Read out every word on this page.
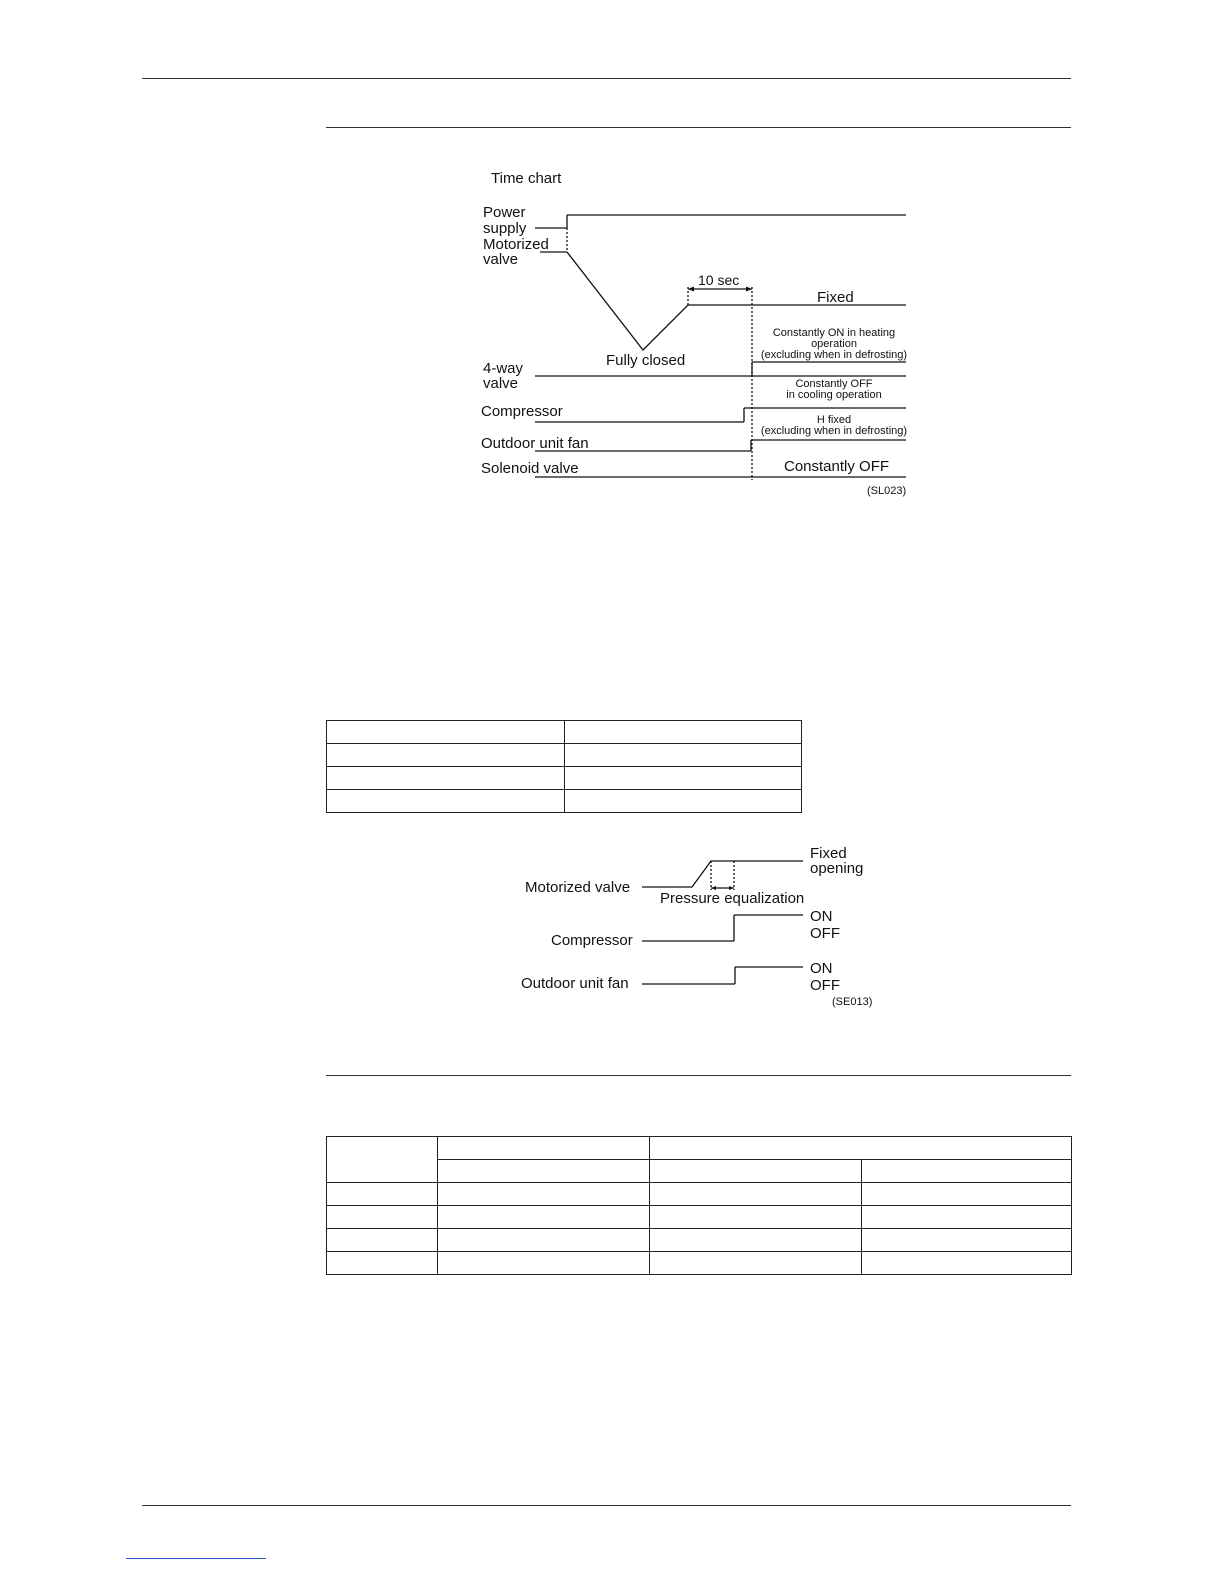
Time chart
Power
supply
Motorized
valve
10 sec
Fixed
Constantly ON in heating
operation
(excluding when in defrosting)
Fully closed
4-way
valve	Constantly OFF
in cooling operation
Compressor	H fixed
(excluding when in defrosting)
Outdoor unit fan
Solenoid valve	Constantly OFF
(SL023)

Fixed
opening
Motorized valve
Pressure equalization
ON
OFF
Compressor
ON
OFF
Outdoor unit fan
(SE013)
